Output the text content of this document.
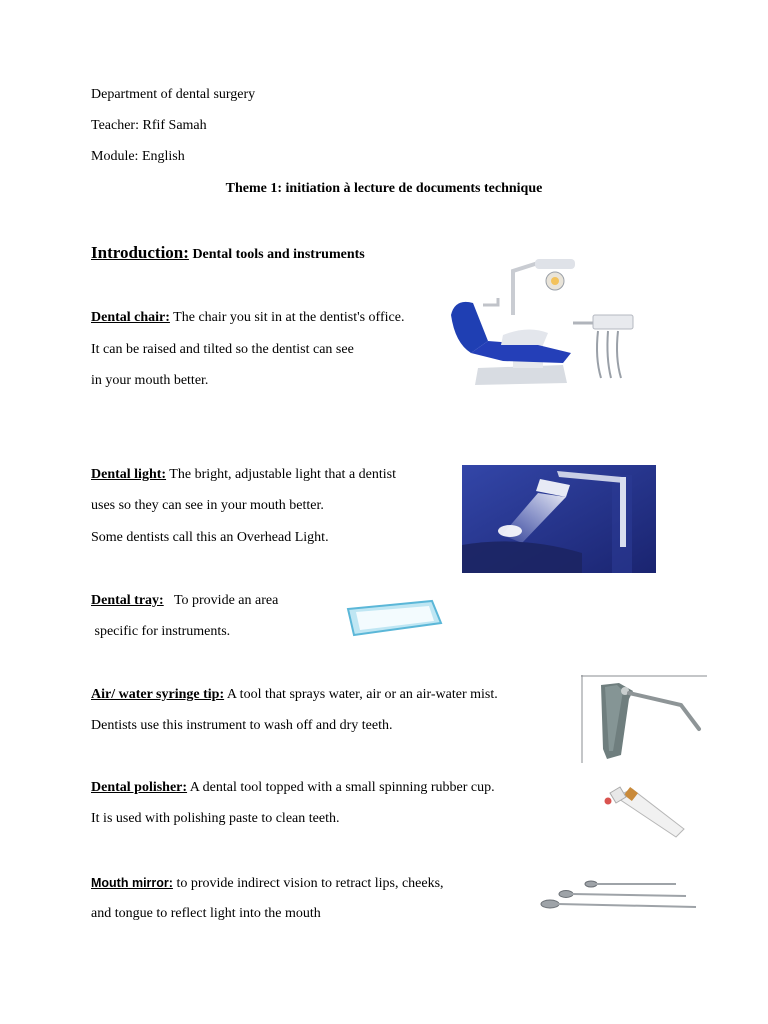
Department of dental surgery
Teacher: Rfif Samah
Module: English
Theme 1: initiation à lecture de documents technique
Introduction: Dental tools and instruments
Dental chair: The chair you sit in at the dentist's office.
It can be raised and tilted so the dentist can see
in your mouth better.
Dental light: The bright, adjustable light that a dentist
uses so they can see in your mouth better.
Some dentists call this an Overhead Light.
Dental tray:   To provide an area
specific for instruments.
Air/ water syringe tip: A tool that sprays water, air or an air-water mist.
Dentists use this instrument to wash off and dry teeth.
Dental polisher: A dental tool topped with a small spinning rubber cup.
It is used with polishing paste to clean teeth.
Mouth mirror: to provide indirect vision to retract lips, cheeks,
and tongue to reflect light into the mouth
